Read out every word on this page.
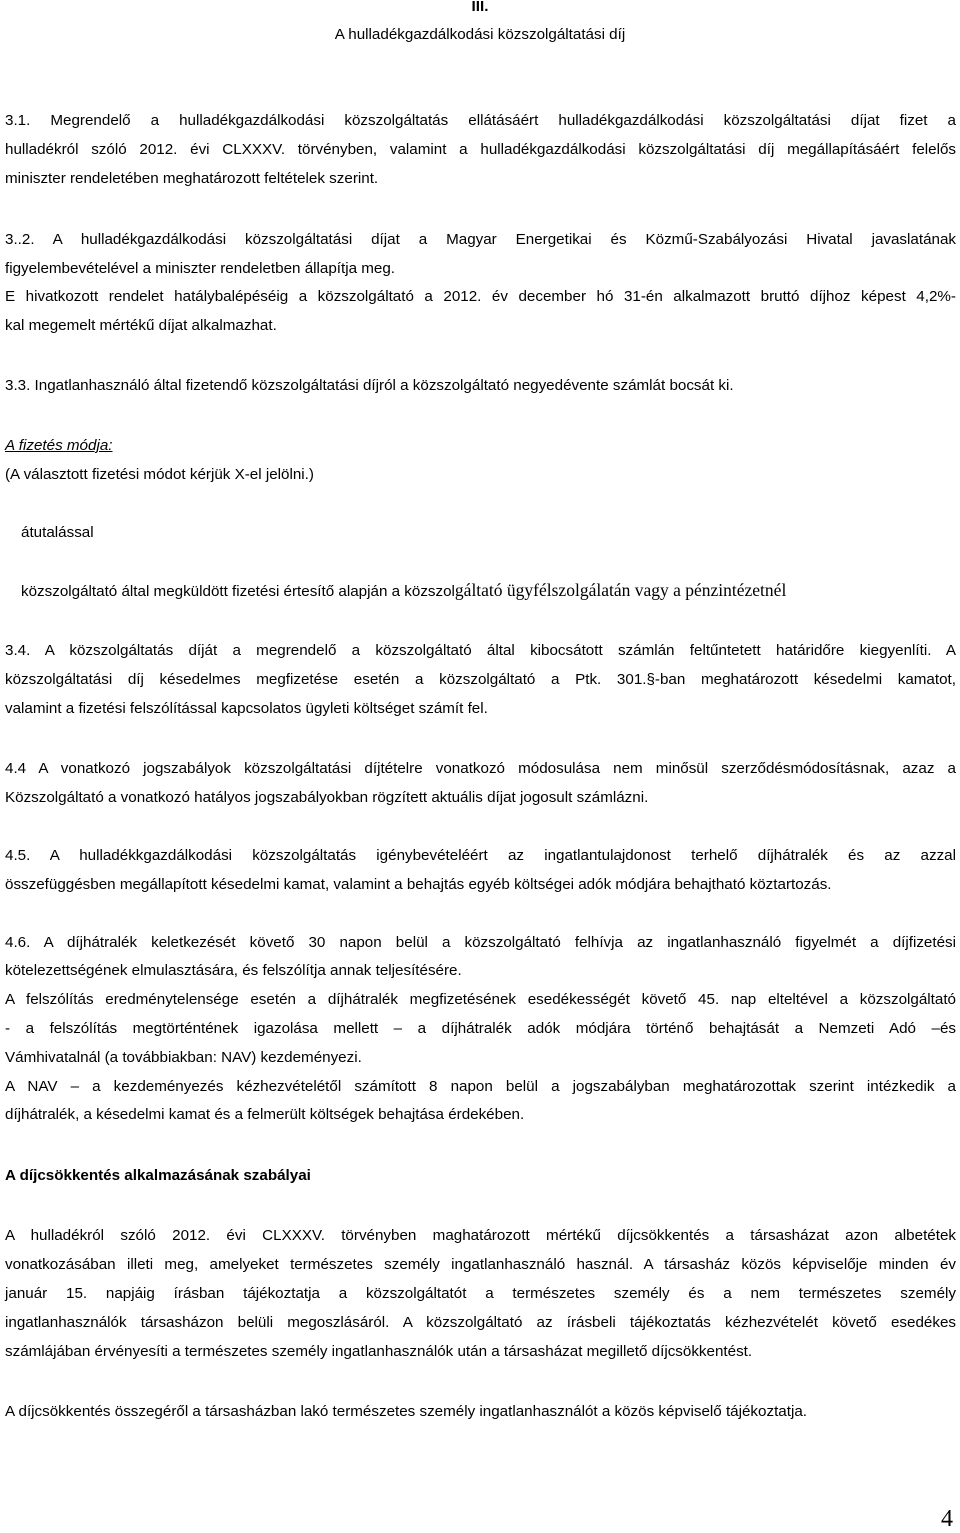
III.
A hulladékgazdálkodási közszolgáltatási díj
3.1. Megrendelő a hulladékgazdálkodási közszolgáltatás ellátásáért hulladékgazdálkodási közszolgáltatási díjat fizet a
hulladékról szóló 2012. évi CLXXXV. törvényben, valamint a hulladékgazdálkodási közszolgáltatási díj megállapításáért felelős
miniszter rendeletében meghatározott feltételek szerint.
3..2. A hulladékgazdálkodási közszolgáltatási díjat a Magyar Energetikai és Közmű-Szabályozási Hivatal javaslatának
figyelembevételével a miniszter rendeletben állapítja meg.
E hivatkozott rendelet hatálybalépéséig a közszolgáltató a 2012. év december hó 31-én alkalmazott bruttó díjhoz képest 4,2%-
kal megemelt mértékű díjat alkalmazhat.
3.3. Ingatlanhasználó által fizetendő közszolgáltatási díjról a közszolgáltató negyedévente számlát bocsát ki.
A fizetés módja:
(A választott fizetési módot kérjük X-el jelölni.)
átutalással
közszolgáltató által megküldött fizetési értesítő alapján a közszolgáltató ügyfélszolgálatán vagy a pénzintézetnél
3.4. A közszolgáltatás díját a megrendelő a közszolgáltató által kibocsátott számlán feltűntetett határidőre kiegyenlíti. A
közszolgáltatási díj késedelmes megfizetése esetén a közszolgáltató a Ptk. 301.§-ban meghatározott késedelmi kamatot,
valamint a fizetési felszólítással kapcsolatos ügyleti költséget számít fel.
4.4 A vonatkozó jogszabályok közszolgáltatási díjtételre vonatkozó módosulása nem minősül szerződésmódosításnak, azaz a
Közszolgáltató a vonatkozó hatályos jogszabályokban rögzített aktuális díjat jogosult számlázni.
4.5. A hulladékkgazdálkodási közszolgáltatás igénybevételéért az ingatlantulajdonost terhelő díjhátralék és az azzal
összefüggésben megállapított késedelmi kamat, valamint a behajtás egyéb költségei adók módjára behajtható köztartozás.
4.6. A díjhátralék keletkezését követő 30 napon belül a közszolgáltató felhívja az ingatlanhasználó figyelmét a díjfizetési
kötelezettségének elmulasztására, és felszólítja annak teljesítésére.
A felszólítás eredménytelensége esetén a díjhátralék megfizetésének esedékességét követő 45. nap elteltével a közszolgáltató
- a felszólítás megtörténtének igazolása mellett – a díjhátralék adók módjára történő behajtását a Nemzeti Adó –és
Vámhivatalnál (a továbbiakban: NAV) kezdeményezi.
A NAV – a kezdeményezés kézhezvételétől számított 8 napon belül a jogszabályban meghatározottak szerint intézkedik a
díjhátralék, a késedelmi kamat és a felmerült költségek behajtása érdekében.
A díjcsökkentés alkalmazásának szabályai
A hulladékról szóló 2012. évi CLXXXV. törvényben maghatározott mértékű díjcsökkentés a társasházat azon albetétek
vonatkozásában illeti meg, amelyeket természetes személy ingatlanhasználó használ. A társasház közös képviselője minden év
január 15. napjáig írásban tájékoztatja a közszolgáltatót a természetes személy és a nem természetes személy
ingatlanhasználók társasházon belüli megoszlásáról. A közszolgáltató az írásbeli tájékoztatás kézhezvételét követő esedékes
számlájában érvényesíti a természetes személy ingatlanhasználók után a társasházat megillető díjcsökkentést.
A díjcsökkentés összegéről a társasházban lakó természetes személy ingatlanhasználót a közös képviselő tájékoztatja.
4
